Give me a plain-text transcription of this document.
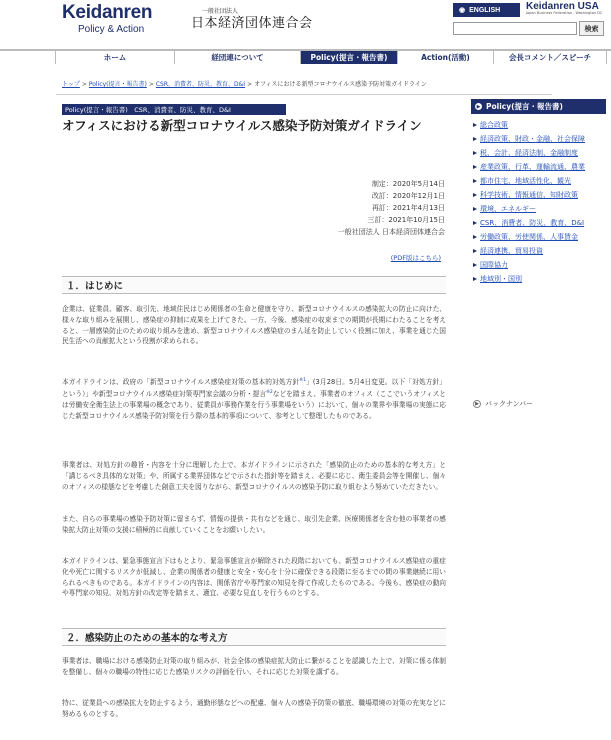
Keidanren
Policy & Action
一般社団法人
日本経済団体連合会
◉ ENGLISH	Keidanren USA
Japan Business Federation - Washington DC
検索
ホーム	経団連について	Policy(提言・報告書)	Action(活動)	会長コメント／スピーチ
トップ > Policy(提言・報告書) > CSR、消費者、防災、教育、D&I > オフィスにおける新型コロナウイルス感染予防対策ガイドライン
Policy(提言・報告書)　CSR、消費者、防災、教育、D&I
オフィスにおける新型コロナウイルス感染予防対策ガイドライン
制定：2020年5月14日
改訂：2020年12月1日
再訂：2021年4月13日
三訂：2021年10月15日
一般社団法人 日本経済団体連合会
(PDF版はこちら)
１．はじめに

企業は、従業員、顧客、取引先、地域住民はじめ関係者の生命と健康を守り、新型コロナウイルスの感染拡大の防止に向けた、様々な取り組みを展開し、感染症の抑制に成果を上げてきた。一方、今後、感染症の収束までの期間が長期にわたることを考えると、一層感染防止のための取り組みを進め、新型コロナウイルス感染症のまん延を防止していく役割に加え、事業を通じた国民生活への貢献拡大という役割が求められる。

本ガイドラインは、政府の「新型コロナウイルス感染症対策の基本的対処方針$^{※1}$」(3月28日。5月4日変更。以下「対処方針」という）」や新型コロナウイルス感染症対策専門家会議の分析・提言$^{※2}$などを踏まえ、事業者のオフィス（ここでいうオフィスとは労働安全衛生法上の事業場の概念であり、従業員が事務作業を行う事業場をいう）において、個々の業界や事業場の実態に応じた新型コロナウイルス感染予防対策を行う際の基本的事項について、参考として整理したものである。

事業者は、対処方針の趣旨・内容を十分に理解した上で、本ガイドラインに示された「感染防止のための基本的な考え方」と「講じるべき具体的な対策」や、所属する業界団体などで示された指針等を踏まえ、必要に応じ、衛生委員会等を開催し、個々のオフィスの様態などを考慮した創意工夫を図りながら、新型コロナウイルスの感染予防に取り組むよう努めていただきたい。

また、自らの事業場の感染予防対策に留まらず、情報の提供・共有などを通じ、取引先企業、医療関係者を含む他の事業者の感染拡大防止対策の支援に積極的に貢献していくことをお願いしたい。

本ガイドラインは、緊急事態宣言下はもとより、緊急事態宣言が解除された段階においても、新型コロナウイルス感染症の重症化や死亡に関するリスクが低減し、企業の関係者の健康と安全・安心を十分に確保できる段階に至るまでの間の事業継続に用いられるべきものである。本ガイドラインの内容は、関係省庁や専門家の知見を得て作成したものである。今後も、感染症の動向や専門家の知見、対処方針の改定等を踏まえ、適宜、必要な見直しを行うものとする。

２．感染防止のための基本的な考え方

事業者は、職場における感染防止対策の取り組みが、社会全体の感染症拡大防止に繋がることを認識した上で、対策に係る体制を整備し、個々の職場の特性に応じた感染リスクの評価を行い、それに応じた対策を講ずる。

特に、従業員への感染拡大を防止するよう、通勤形態などへの配慮、個々人の感染予防策の徹底、職場環境の対策の充実などに努めるものとする。

▶ Policy(提言・報告書)
総合政策
経済政策、財政・金融、社会保障
税、会計、経済法制、金融制度
産業政策、行革、運輸流通、農業
都市住宅、地域活性化、観光
科学技術、情報通信、知財政策
環境、エネルギー
CSR、消費者、防災、教育、D&I
労働政策、労使関係、人事賃金
経済連携、貿易投資
国際協力
地域別・国別
▶ バックナンバー
